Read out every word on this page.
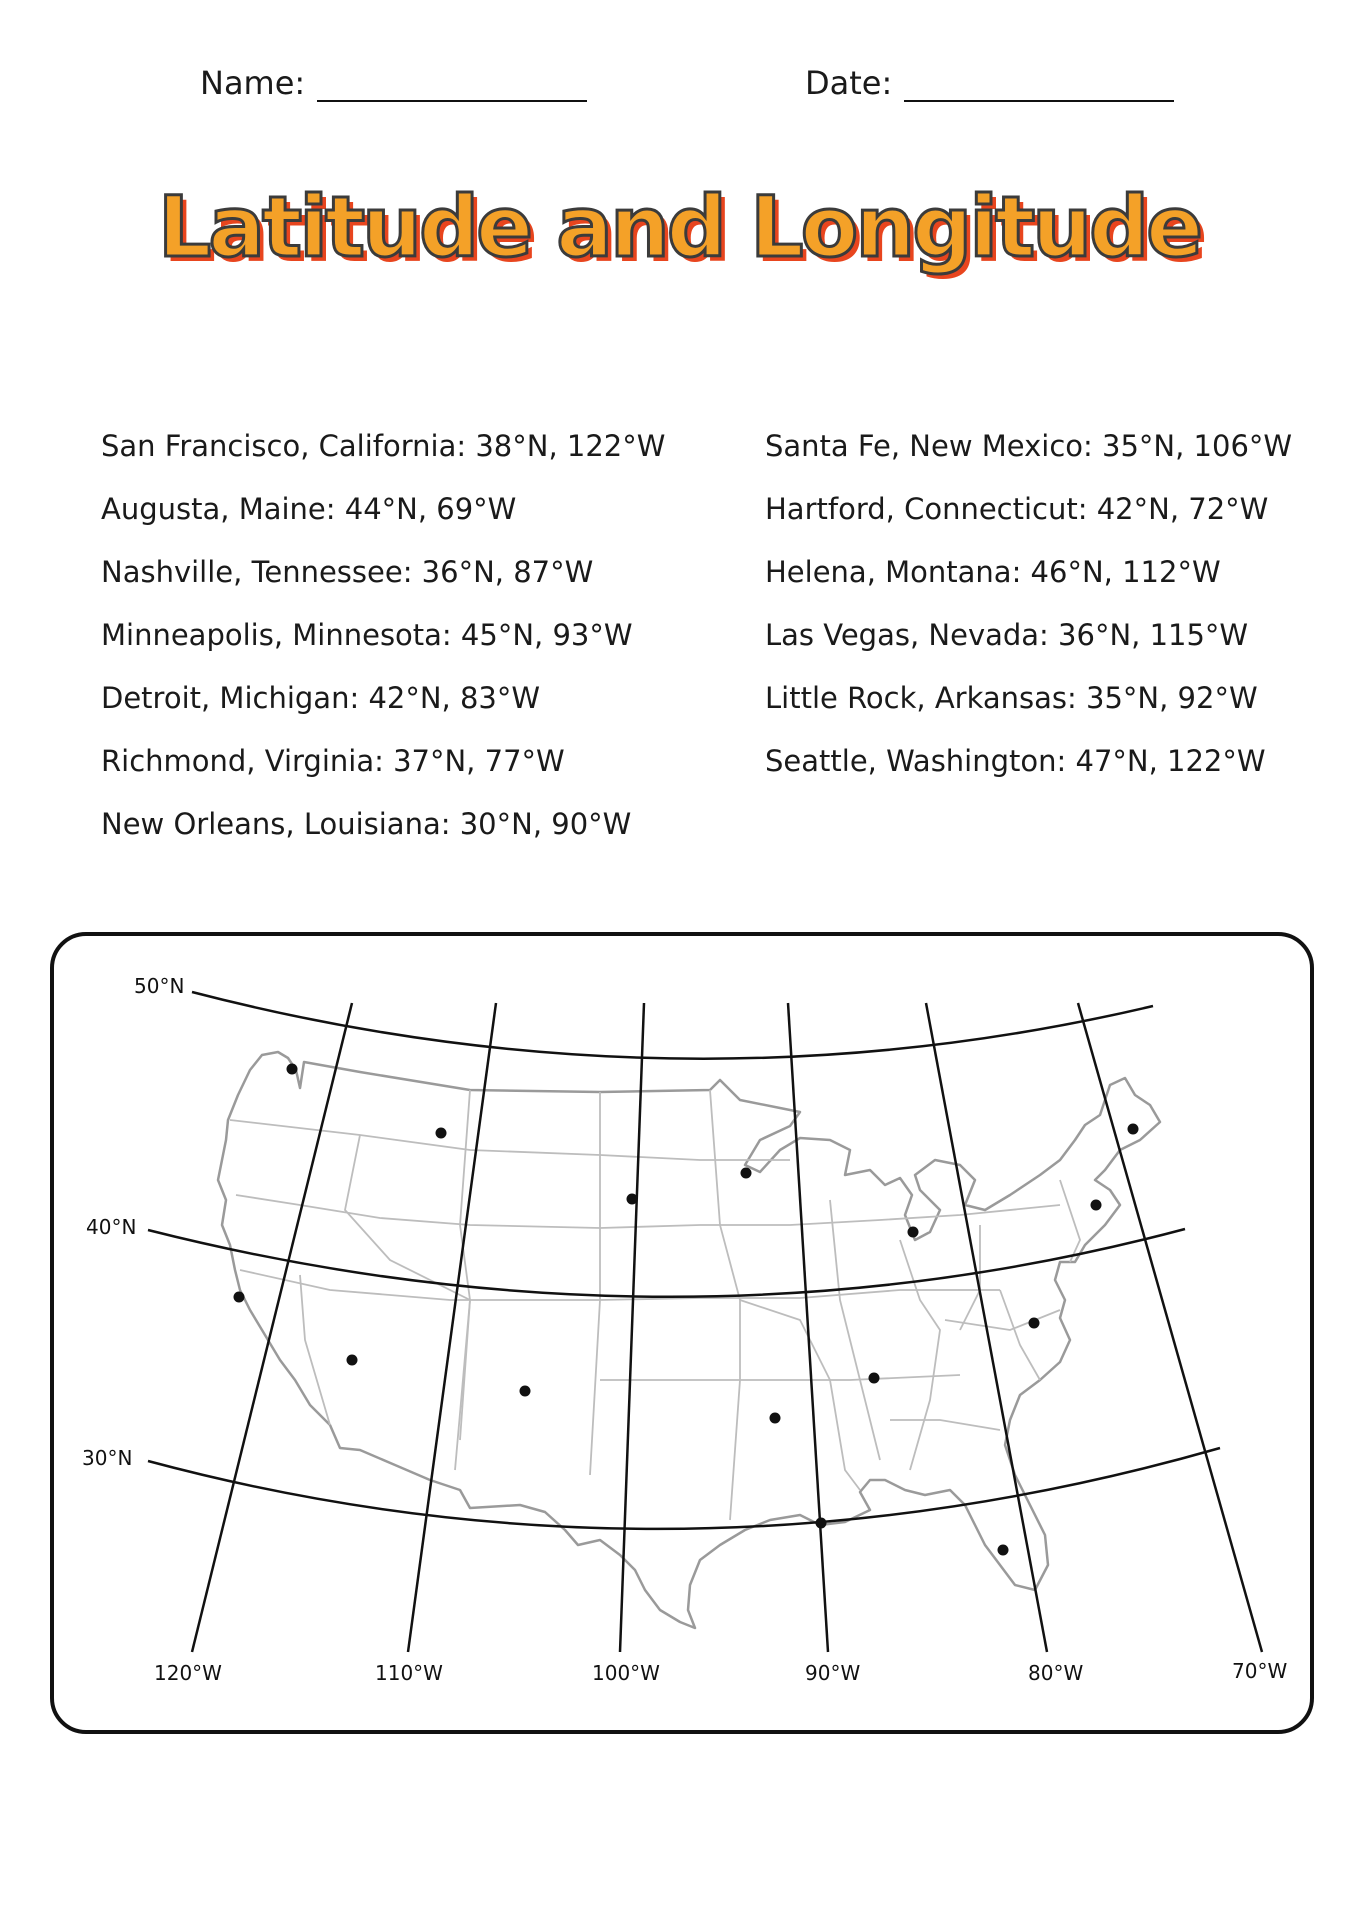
Name:	Date:
Latitude and Longitude
San Francisco, California: 38°N, 122°W
Augusta, Maine: 44°N, 69°W
Nashville, Tennessee: 36°N, 87°W
Minneapolis, Minnesota: 45°N, 93°W
Detroit, Michigan: 42°N, 83°W
Richmond, Virginia: 37°N, 77°W
New Orleans, Louisiana: 30°N, 90°W
Santa Fe, New Mexico: 35°N, 106°W
Hartford, Connecticut: 42°N, 72°W
Helena, Montana: 46°N, 112°W
Las Vegas, Nevada: 36°N, 115°W
Little Rock, Arkansas: 35°N, 92°W
Seattle, Washington: 47°N, 122°W
50°N
40°N
30°N
120°W	110°W	100°W	90°W	80°W	70°W
